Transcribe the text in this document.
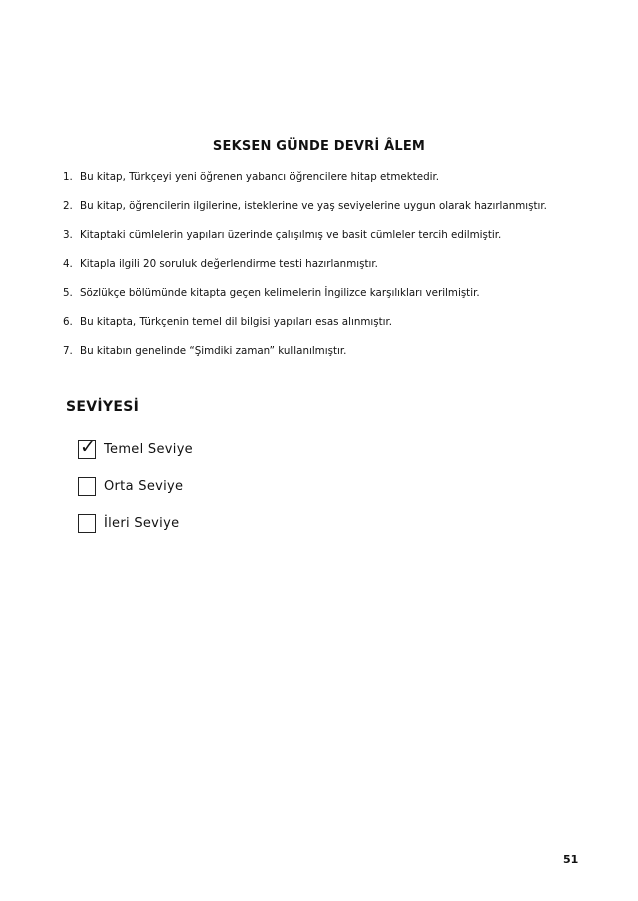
SEKSEN GÜNDE DEVRİ ÂLEM
1. Bu kitap, Türkçeyi yeni öğrenen yabancı öğrencilere hitap etmektedir.
2. Bu kitap, öğrencilerin ilgilerine, isteklerine ve yaş seviyelerine uygun olarak hazırlanmıştır.
3. Kitaptaki cümlelerin yapıları üzerinde çalışılmış ve basit cümleler tercih edilmiştir.
4. Kitapla ilgili 20 soruluk değerlendirme testi hazırlanmıştır.
5. Sözlükçe bölümünde kitapta geçen kelimelerin İngilizce karşılıkları verilmiştir.
6. Bu kitapta, Türkçenin temel dil bilgisi yapıları esas alınmıştır.
7. Bu kitabın genelinde “Şimdiki zaman” kullanılmıştır.
SEVİYESİ
✓ Temel Seviye
Orta Seviye
İleri Seviye
51
